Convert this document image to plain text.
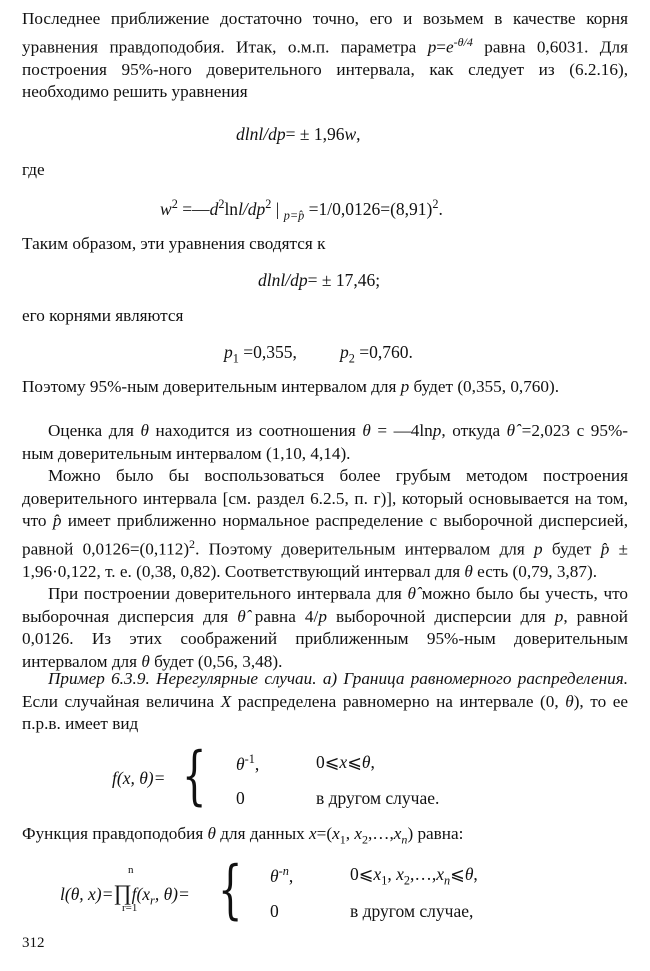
Последнее приближение достаточно точно, его и возьмем в качестве корня уравнения правдоподобия. Итак, о.м.п. параметра $p=e^{-\theta/4}$ равна 0,6031. Для построения 95%-ного доверительного интервала, как следует из (6.2.16), необходимо решить уравнения
dlnl/dp= ± 1,96w,
где
$w^2$ $=—d^2\ln l/dp^2$ | $_{p=p̂} =1/0,0126=(8,91)^2$.
Таким образом, эти уравнения сводятся к
dlnl/dp= ± 17,46;
его корнями являются
$p_1 =0,355$, $p_2 =0,760$.
Поэтому 95%-ным доверительным интервалом для p будет (0,355, 0,760).
Оценка для θ находится из соотношения θ = —4lnp, откуда θ̂ =2,023 с 95%-ным доверительным интервалом (1,10, 4,14).
Можно было бы воспользоваться более грубым методом построения доверительного интервала [см. раздел 6.2.5, п. г)], который основывается на том, что p̂ имеет приближенно нормальное распределение с выборочной дисперсией, равной $0,0126=(0,112)^2$. Поэтому доверительным интервалом для p будет p̂ ± 1,96·0,122, т. е. (0,38, 0,82). Соответствующий интервал для θ есть (0,79, 3,87).
При построении доверительного интервала для θ̂ можно было бы учесть, что выборочная дисперсия для θ̂ равна 4/p выборочной дисперсии для p, равной 0,0126. Из этих соображений приближенным 95%-ным доверительным интервалом для θ будет (0,56, 3,48).
Пример 6.3.9. Нерегулярные случаи. а) Граница равномерного распределения. Если случайная величина X распределена равномерно на интервале (0, θ), то ее п.р.в. имеет вид
f(x, θ)= { $\theta^{-1}$,	0⩽x⩽θ,
0	в другом случае.
Функция правдоподобия θ для данных $x=(x_1$, $x_2,\dots,x_n$) равна:
l(θ, $x)=\prod f(x_r$, θ)=
n
r=1 { $\theta^{-n}$,	$0⩽x_1$, $x_2,\dots,x_n⩽\theta$,
0	в другом случае,
312
